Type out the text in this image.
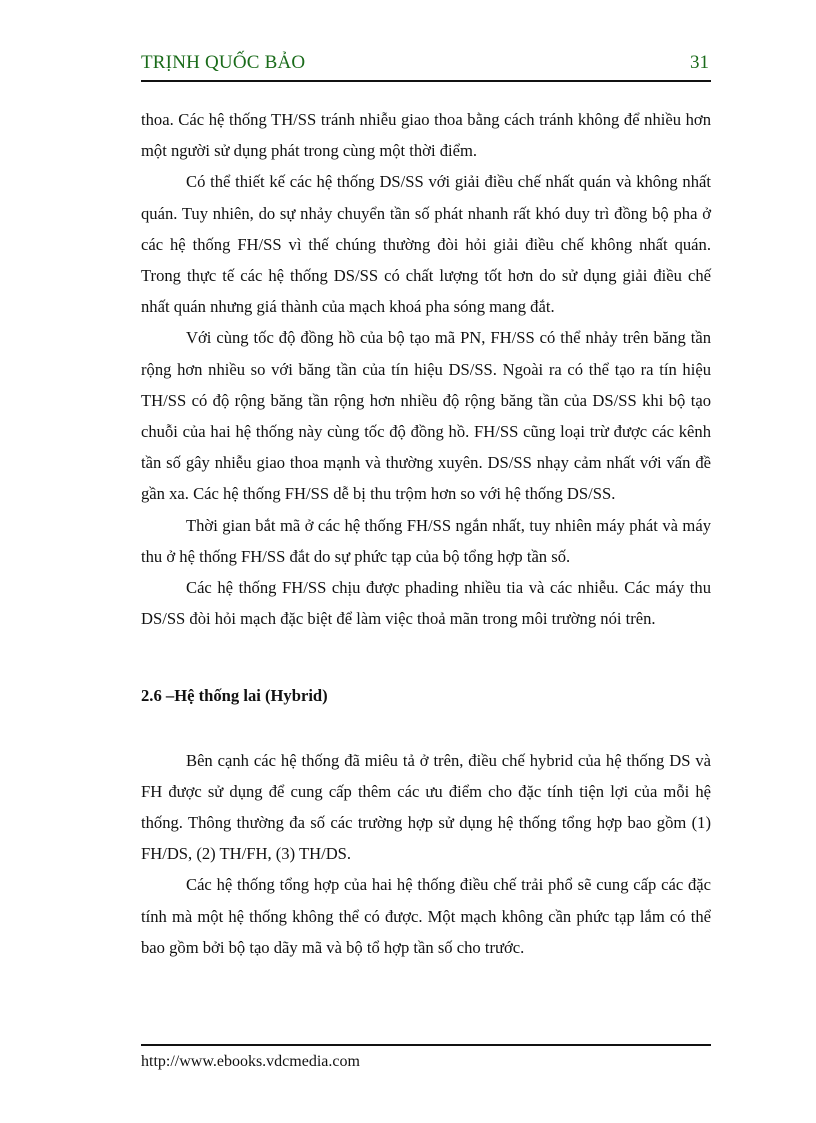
TRỊNH QUỐC BẢO	31

thoa. Các hệ thống TH/SS tránh nhiễu giao thoa bằng cách tránh không để nhiều hơn một người sử dụng phát trong cùng một thời điểm.

Có thể thiết kế các hệ thống DS/SS với giải điều chế nhất quán và không nhất quán. Tuy nhiên, do sự nhảy chuyển tần số phát nhanh rất khó duy trì đồng bộ pha ở các hệ thống FH/SS vì thế chúng thường đòi hỏi giải điều chế không nhất quán. Trong thực tế các hệ thống DS/SS có chất lượng tốt hơn do sử dụng giải điều chế nhất quán nhưng giá thành của mạch khoá pha sóng mang đắt.

Với cùng tốc độ đồng hồ của bộ tạo mã PN, FH/SS có thể nhảy trên băng tần rộng hơn nhiều so với băng tần của tín hiệu DS/SS. Ngoài ra có thể tạo ra tín hiệu TH/SS có độ rộng băng tần rộng hơn nhiều độ rộng băng tần của DS/SS khi bộ tạo chuỗi của hai hệ thống này cùng tốc độ đồng hồ. FH/SS cũng loại trừ được các kênh tần số gây nhiễu giao thoa mạnh và thường xuyên. DS/SS nhạy cảm nhất với vấn đề gần xa. Các hệ thống FH/SS dễ bị thu trộm hơn so với hệ thống DS/SS.

Thời gian bắt mã ở các hệ thống FH/SS ngắn nhất, tuy nhiên máy phát và máy thu ở hệ thống FH/SS đắt do sự phức tạp của bộ tổng hợp tần số.

Các hệ thống FH/SS chịu được phading nhiều tia và các nhiễu. Các máy thu DS/SS đòi hỏi mạch đặc biệt để làm việc thoả mãn trong môi trường nói trên.

2.6 –Hệ thống lai (Hybrid)

Bên cạnh các hệ thống đã miêu tả ở trên, điều chế hybrid của hệ thống DS và FH được sử dụng để cung cấp thêm các ưu điểm cho đặc tính tiện lợi của mỗi hệ thống. Thông thường đa số các trường hợp sử dụng hệ thống tổng hợp bao gồm (1) FH/DS, (2) TH/FH, (3) TH/DS.

Các hệ thống tổng hợp của hai hệ thống điều chế trải phổ sẽ cung cấp các đặc tính mà một hệ thống không thể có được. Một mạch không cần phức tạp lắm có thể bao gồm bởi bộ tạo dãy mã và bộ tổ hợp tần số cho trước.

http://www.ebooks.vdcmedia.com
